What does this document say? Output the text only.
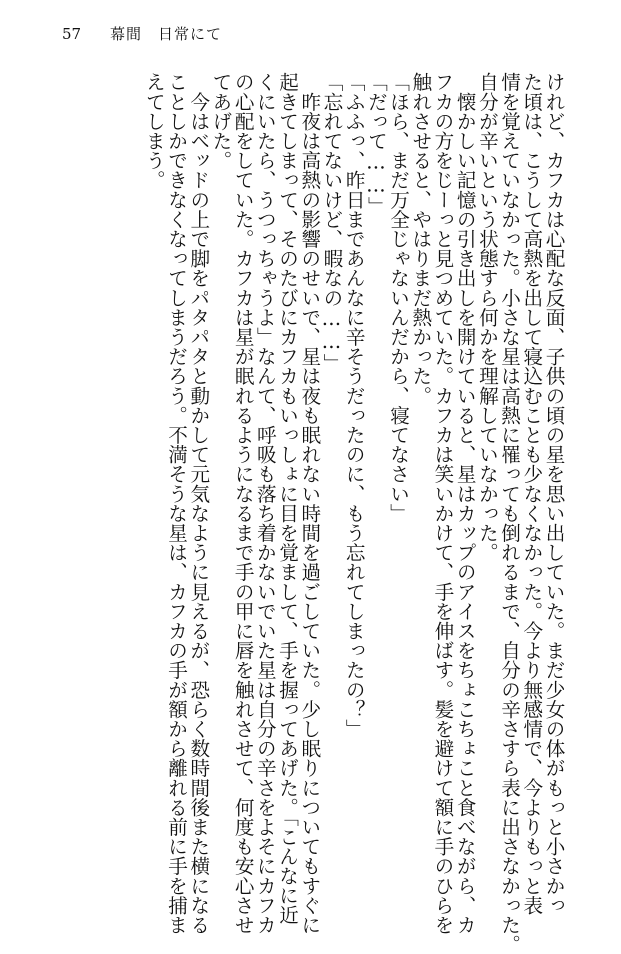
57	幕間　日常にて

けれど、カフカは心配な反面、子供の頃の星を思い出していた。まだ少女の体がもっと小さかっ

た頃は、こうして高熱を出して寝込むことも少なくなかった。今より無感情で、今よりもっと表

情を覚えていなかった。小さな星は高熱に罹っても倒れるまで、自分の辛さすら表に出さなかった。

自分が辛いという状態すら何かを理解していなかった。

　懐かしい記憶の引き出しを開けていると、星はカップのアイスをちょこちょこと食べながら、カ

フカの方をじーっと見つめていた。カフカは笑いかけて、手を伸ばす。髪を避けて額に手のひらを

触れさせると、やはりまだ熱かった。

「ほら、まだ万全じゃないんだから、寝てなさい」

「だって……」

「ふふっ、昨日まであんなに辛そうだったのに、もう忘れてしまったの？」

「忘れてないけど、暇なの……」

　昨夜は高熱の影響のせいで、星は夜も眠れない時間を過ごしていた。少し眠りについてもすぐに

起きてしまって、そのたびにカフカもいっしょに目を覚まして、手を握ってあげた。「こんなに近

くにいたら、うつっちゃうよ」なんて、呼吸も落ち着かないでいた星は自分の辛さをよそにカフカ

の心配をしていた。カフカは星が眠れるようになるまで手の甲に唇を触れさせて、何度も安心させ

てあげた。

　今はベッドの上で脚をパタパタと動かして元気なように見えるが、恐らく数時間後また横になる

ことしかできなくなってしまうだろう。不満そうな星は、カフカの手が額から離れる前に手を捕ま

えてしまう。
